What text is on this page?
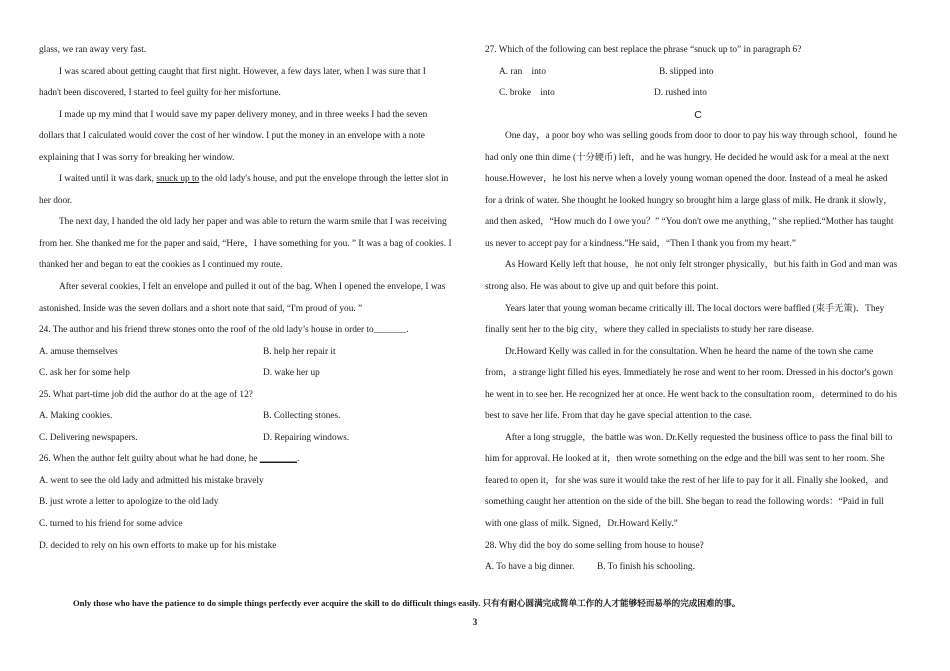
glass, we ran away very fast.
I was scared about getting caught that first night. However, a few days later, when I was sure that I
hadn't been discovered, I started to feel guilty for her misfortune.
I made up my mind that I would save my paper delivery money, and in three weeks I had the seven
dollars that I calculated would cover the cost of her window. I put the money in an envelope with a note
explaining that I was sorry for breaking her window.
I waited until it was dark, snuck up to the old lady's house, and put the envelope through the letter slot in
her door.
The next day, I handed the old lady her paper and was able to return the warm smile that I was receiving
from her. She thanked me for the paper and said, “Here，I have something for you. ” It was a bag of cookies. I
thanked her and began to eat the cookies as I continued my route.
After several cookies, I felt an envelope and pulled it out of the bag. When I opened the envelope, I was
astonished. Inside was the seven dollars and a short note that said, “I'm proud of you. ”
24. The author and his friend threw stones onto the roof of the old lady’s house in order to_______.
A. amuse themselves	B. help her repair it
C. ask her for some help	D. wake her up
25. What part-time job did the author do at the age of 12?
A. Making cookies.	B. Collecting stones.
C. Delivering newspapers.	D. Repairing windows.
26. When the author felt guilty about what he had done, he ________.
A. went to see the old lady and admitted his mistake bravely
B. just wrote a letter to apologize to the old lady
C. turned to his friend for some advice
D. decided to rely on his own efforts to make up for his mistake
27. Which of the following can best replace the phrase “snuck up to” in paragraph 6?
A. ran　into	B. slipped into
C. broke　into	D. rushed into
C
One day，a poor boy who was selling goods from door to door to pay his way through school，found he
had only one thin dime (十分硬币) left，and he was hungry. He decided he would ask for a meal at the next
house.However，he lost his nerve when a lovely young woman opened the door. Instead of a meal he asked
for a drink of water. She thought he looked hungry so brought him a large glass of milk. He drank it slowly，
and then asked，“How much do I owe you？” “You don't owe me anything，” she replied.“Mother has taught
us never to accept pay for a kindness.”He said，“Then I thank you from my heart.”
As Howard Kelly left that house，he not only felt stronger physically，but his faith in God and man was
strong also. He was about to give up and quit before this point.
Years later that young woman became critically ill. The local doctors were baffled (束手无策)．They
finally sent her to the big city，where they called in specialists to study her rare disease.
Dr.Howard Kelly was called in for the consultation. When he heard the name of the town she came
from，a strange light filled his eyes. Immediately he rose and went to her room. Dressed in his doctor's gown
he went in to see her. He recognized her at once. He went back to the consultation room，determined to do his
best to save her life. From that day he gave special attention to the case.
After a long struggle，the battle was won. Dr.Kelly requested the business office to pass the final bill to
him for approval. He looked at it，then wrote something on the edge and the bill was sent to her room. She
feared to open it，for she was sure it would take the rest of her life to pay for it all. Finally she looked，and
something caught her attention on the side of the bill. She began to read the following words：“Paid in full
with one glass of milk. Signed，Dr.Howard Kelly.”
28. Why did the boy do some selling from house to house?
A. To have a big dinner.	B. To finish his schooling.
Only those who have the patience to do simple things perfectly ever acquire the skill to do difficult things easily. 只有有耐心圆满完成简单工作的人才能够轻而易举的完成困难的事。
3
